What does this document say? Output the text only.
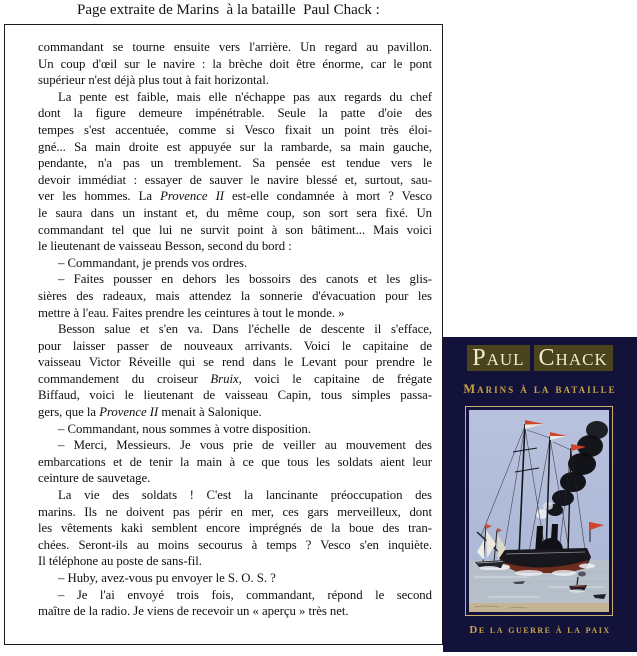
Page extraite de Marins  à la bataille  Paul Chack :
commandant se tourne ensuite vers l'arrière. Un regard au pavillon.
Un coup d'œil sur le navire : la brèche doit être énorme, car le pont
supérieur n'est déjà plus tout à fait horizontal.
La pente est faible, mais elle n'échappe pas aux regards du chef
dont la figure demeure impénétrable. Seule la patte d'oie des
tempes s'est accentuée, comme si Vesco fixait un point très éloi-
gné... Sa main droite est appuyée sur la rambarde, sa main gauche,
pendante, n'a pas un tremblement. Sa pensée est tendue vers le
devoir immédiat : essayer de sauver le navire blessé et, surtout, sau-
ver les hommes. La Provence II est-elle condamnée à mort ? Vesco
le saura dans un instant et, du même coup, son sort sera fixé. Un
commandant tel que lui ne survit point à son bâtiment... Mais voici
le lieutenant de vaisseau Besson, second du bord :
– Commandant, je prends vos ordres.
– Faites pousser en dehors les bossoirs des canots et les glis-
sières des radeaux, mais attendez la sonnerie d'évacuation pour les
mettre à l'eau. Faites prendre les ceintures à tout le monde. »
Besson salue et s'en va. Dans l'échelle de descente il s'efface,
pour laisser passer de nouveaux arrivants. Voici le capitaine de
vaisseau Victor Réveille qui se rend dans le Levant pour prendre le
commandement du croiseur Bruix, voici le capitaine de frégate
Biffaud, voici le lieutenant de vaisseau Capin, tous simples passa-
gers, que la Provence II menait à Salonique.
– Commandant, nous sommes à votre disposition.
– Merci, Messieurs. Je vous prie de veiller au mouvement des
embarcations et de tenir la main à ce que tous les soldats aient leur
ceinture de sauvetage.
La vie des soldats ! C'est la lancinante préoccupation des
marins. Ils ne doivent pas périr en mer, ces gars merveilleux, dont
les vêtements kaki semblent encore imprégnés de la boue des tran-
chées. Seront-ils au moins secourus à temps ? Vesco s'en inquiète.
Il téléphone au poste de sans-fil.
– Huby, avez-vous pu envoyer le S. O. S. ?
– Je l'ai envoyé trois fois, commandant, répond le second
maître de la radio. Je viens de recevoir un « aperçu » très net.
Paul Chack
Marins à la bataille
De la guerre à la paix
